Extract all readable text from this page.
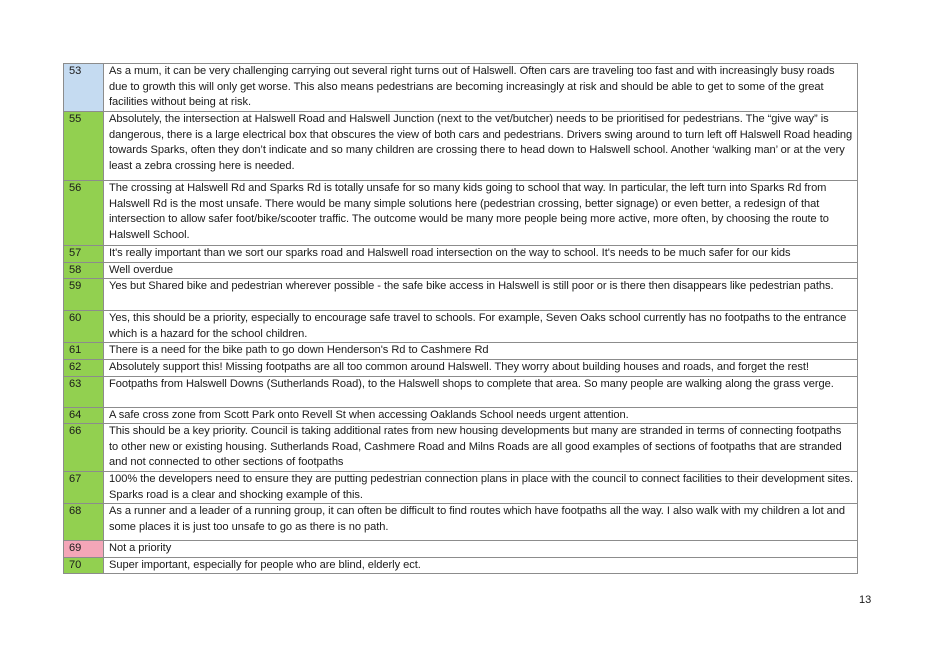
53	As a mum, it can be very challenging carrying out several right turns out of Halswell. Often cars are traveling too fast and with increasingly busy roads due to growth this will only get worse. This also means pedestrians are becoming increasingly at risk and should be able to get to some of the great facilities without being at risk.
55	Absolutely, the intersection at Halswell Road and Halswell Junction (next to the vet/butcher) needs to be prioritised for pedestrians. The “give way” is dangerous, there is a large electrical box that obscures the view of both cars and pedestrians. Drivers swing around to turn left off Halswell Road heading towards Sparks, often they don’t indicate and so many children are crossing there to head down to Halswell school. Another ‘walking man’ or at the very least a zebra crossing here is needed.
56	The crossing at Halswell Rd and Sparks Rd is totally unsafe for so many kids going to school that way. In particular, the left turn into Sparks Rd from Halswell Rd is the most unsafe. There would be many simple solutions here (pedestrian crossing, better signage) or even better, a redesign of that intersection to allow safer foot/bike/scooter traffic. The outcome would be many more people being more active, more often, by choosing the route to Halswell School.
57	It's really important than we sort our sparks road and Halswell road intersection on the way to school. It's needs to be much safer for our kids
58	Well overdue
59	Yes but Shared bike and pedestrian wherever possible - the safe bike access in Halswell is still poor or is there then disappears like pedestrian paths.
60	Yes, this should be a priority, especially to encourage safe travel to schools. For example, Seven Oaks school currently has no footpaths to the entrance which is a hazard for the school children.
61	There is a need for the bike path to go down Henderson's Rd to Cashmere Rd
62	Absolutely support this! Missing footpaths are all too common around Halswell. They worry about building houses and roads, and forget the rest!
63	Footpaths from Halswell Downs (Sutherlands Road), to the Halswell shops to complete that area. So many people are walking along the grass verge.
64	A safe cross zone from Scott Park onto Revell St when accessing Oaklands School needs urgent attention.
66	This should be a key priority. Council is taking additional rates from new housing developments but many are stranded in terms of connecting footpaths to other new or existing housing. Sutherlands Road, Cashmere Road and Milns Roads are all good examples of sections of footpaths that are stranded and not connected to other sections of footpaths
67	100% the developers need to ensure they are putting pedestrian connection plans in place with the council to connect facilities to their development sites. Sparks road is a clear and shocking example of this.
68	As a runner and a leader of a running group, it can often be difficult to find routes which have footpaths all the way. I also walk with my children a lot and some places it is just too unsafe to go as there is no path.
69	Not a priority
70	Super important, especially for people who are blind, elderly ect.
13
